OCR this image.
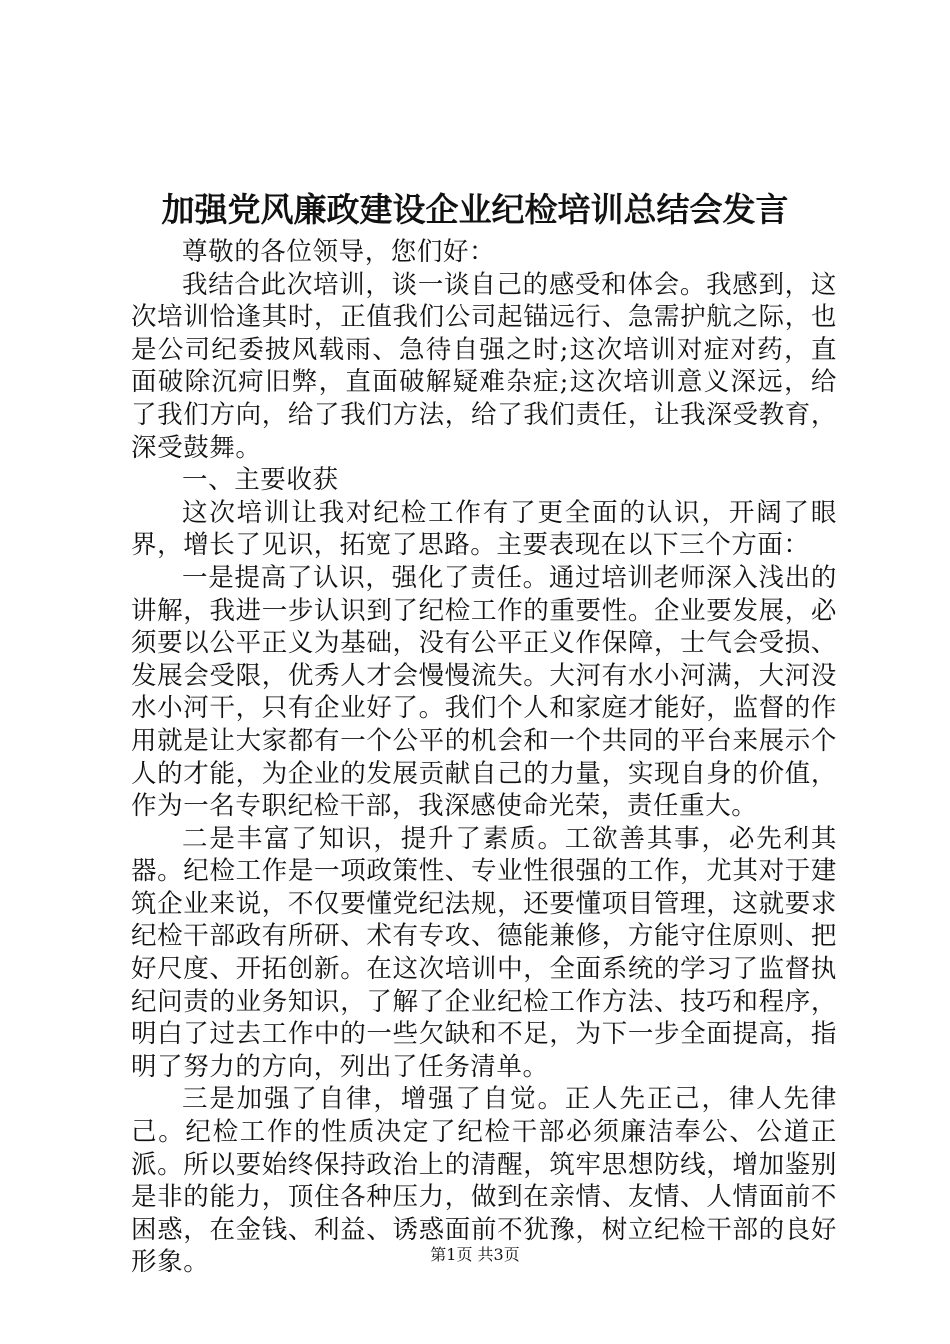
加强党风廉政建设企业纪检培训总结会发言

尊敬的各位领导，您们好：

我结合此次培训，谈一谈自己的感受和体会。我感到，这次培训恰逢其时，正值我们公司起锚远行、急需护航之际，也是公司纪委披风载雨、急待自强之时;这次培训对症对药，直面破除沉疴旧弊，直面破解疑难杂症;这次培训意义深远，给了我们方向，给了我们方法，给了我们责任，让我深受教育，深受鼓舞。

一、主要收获

这次培训让我对纪检工作有了更全面的认识，开阔了眼界，增长了见识，拓宽了思路。主要表现在以下三个方面：

一是提高了认识，强化了责任。通过培训老师深入浅出的讲解，我进一步认识到了纪检工作的重要性。企业要发展，必须要以公平正义为基础，没有公平正义作保障，士气会受损、发展会受限，优秀人才会慢慢流失。大河有水小河满，大河没水小河干，只有企业好了。我们个人和家庭才能好，监督的作用就是让大家都有一个公平的机会和一个共同的平台来展示个人的才能，为企业的发展贡献自己的力量，实现自身的价值，作为一名专职纪检干部，我深感使命光荣，责任重大。

二是丰富了知识，提升了素质。工欲善其事，必先利其器。纪检工作是一项政策性、专业性很强的工作，尤其对于建筑企业来说，不仅要懂党纪法规，还要懂项目管理，这就要求纪检干部政有所研、术有专攻、德能兼修，方能守住原则、把好尺度、开拓创新。在这次培训中，全面系统的学习了监督执纪问责的业务知识，了解了企业纪检工作方法、技巧和程序，明白了过去工作中的一些欠缺和不足，为下一步全面提高，指明了努力的方向，列出了任务清单。

三是加强了自律，增强了自觉。正人先正己，律人先律己。纪检工作的性质决定了纪检干部必须廉洁奉公、公道正派。所以要始终保持政治上的清醒，筑牢思想防线，增加鉴别是非的能力，顶住各种压力，做到在亲情、友情、人情面前不困惑，在金钱、利益、诱惑面前不犹豫，树立纪检干部的良好形象。	第1页 共3页
